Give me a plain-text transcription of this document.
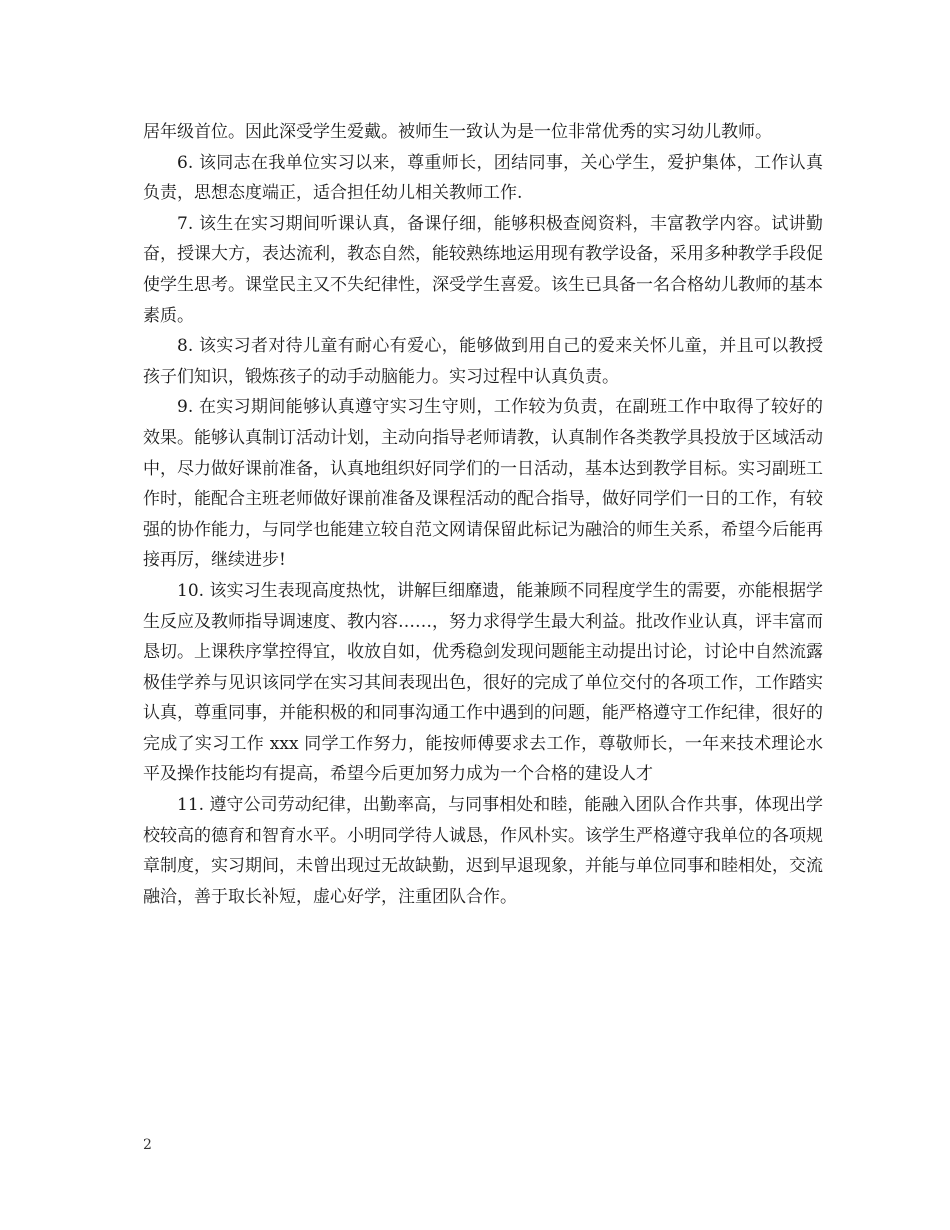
居年级首位。因此深受学生爱戴。被师生一致认为是一位非常优秀的实习幼儿教师。

6. 该同志在我单位实习以来，尊重师长，团结同事，关心学生，爱护集体，工作认真负责，思想态度端正，适合担任幼儿相关教师工作.

7. 该生在实习期间听课认真，备课仔细，能够积极查阅资料，丰富教学内容。试讲勤奋，授课大方，表达流利，教态自然，能较熟练地运用现有教学设备，采用多种教学手段促使学生思考。课堂民主又不失纪律性，深受学生喜爱。该生已具备一名合格幼儿教师的基本素质。

8. 该实习者对待儿童有耐心有爱心，能够做到用自己的爱来关怀儿童，并且可以教授孩子们知识，锻炼孩子的动手动脑能力。实习过程中认真负责。

9. 在实习期间能够认真遵守实习生守则，工作较为负责，在副班工作中取得了较好的效果。能够认真制订活动计划，主动向指导老师请教，认真制作各类教学具投放于区域活动中，尽力做好课前准备，认真地组织好同学们的一日活动，基本达到教学目标。实习副班工作时，能配合主班老师做好课前准备及课程活动的配合指导，做好同学们一日的工作，有较强的协作能力，与同学也能建立较自范文网请保留此标记为融洽的师生关系，希望今后能再接再厉，继续进步!

10. 该实习生表现高度热忱，讲解巨细靡遗，能兼顾不同程度学生的需要，亦能根据学生反应及教师指导调速度、教内容……，努力求得学生最大利益。批改作业认真，评丰富而恳切。上课秩序掌控得宜，收放自如，优秀稳剑发现问题能主动提出讨论，讨论中自然流露极佳学养与见识该同学在实习其间表现出色，很好的完成了单位交付的各项工作，工作踏实认真，尊重同事，并能积极的和同事沟通工作中遇到的问题，能严格遵守工作纪律，很好的完成了实习工作 xxx 同学工作努力，能按师傅要求去工作，尊敬师长，一年来技术理论水平及操作技能均有提高，希望今后更加努力成为一个合格的建设人才

11. 遵守公司劳动纪律，出勤率高，与同事相处和睦，能融入团队合作共事，体现出学校较高的德育和智育水平。小明同学待人诚恳，作风朴实。该学生严格遵守我单位的各项规章制度，实习期间，未曾出现过无故缺勤，迟到早退现象，并能与单位同事和睦相处，交流融洽，善于取长补短，虚心好学，注重团队合作。

2
